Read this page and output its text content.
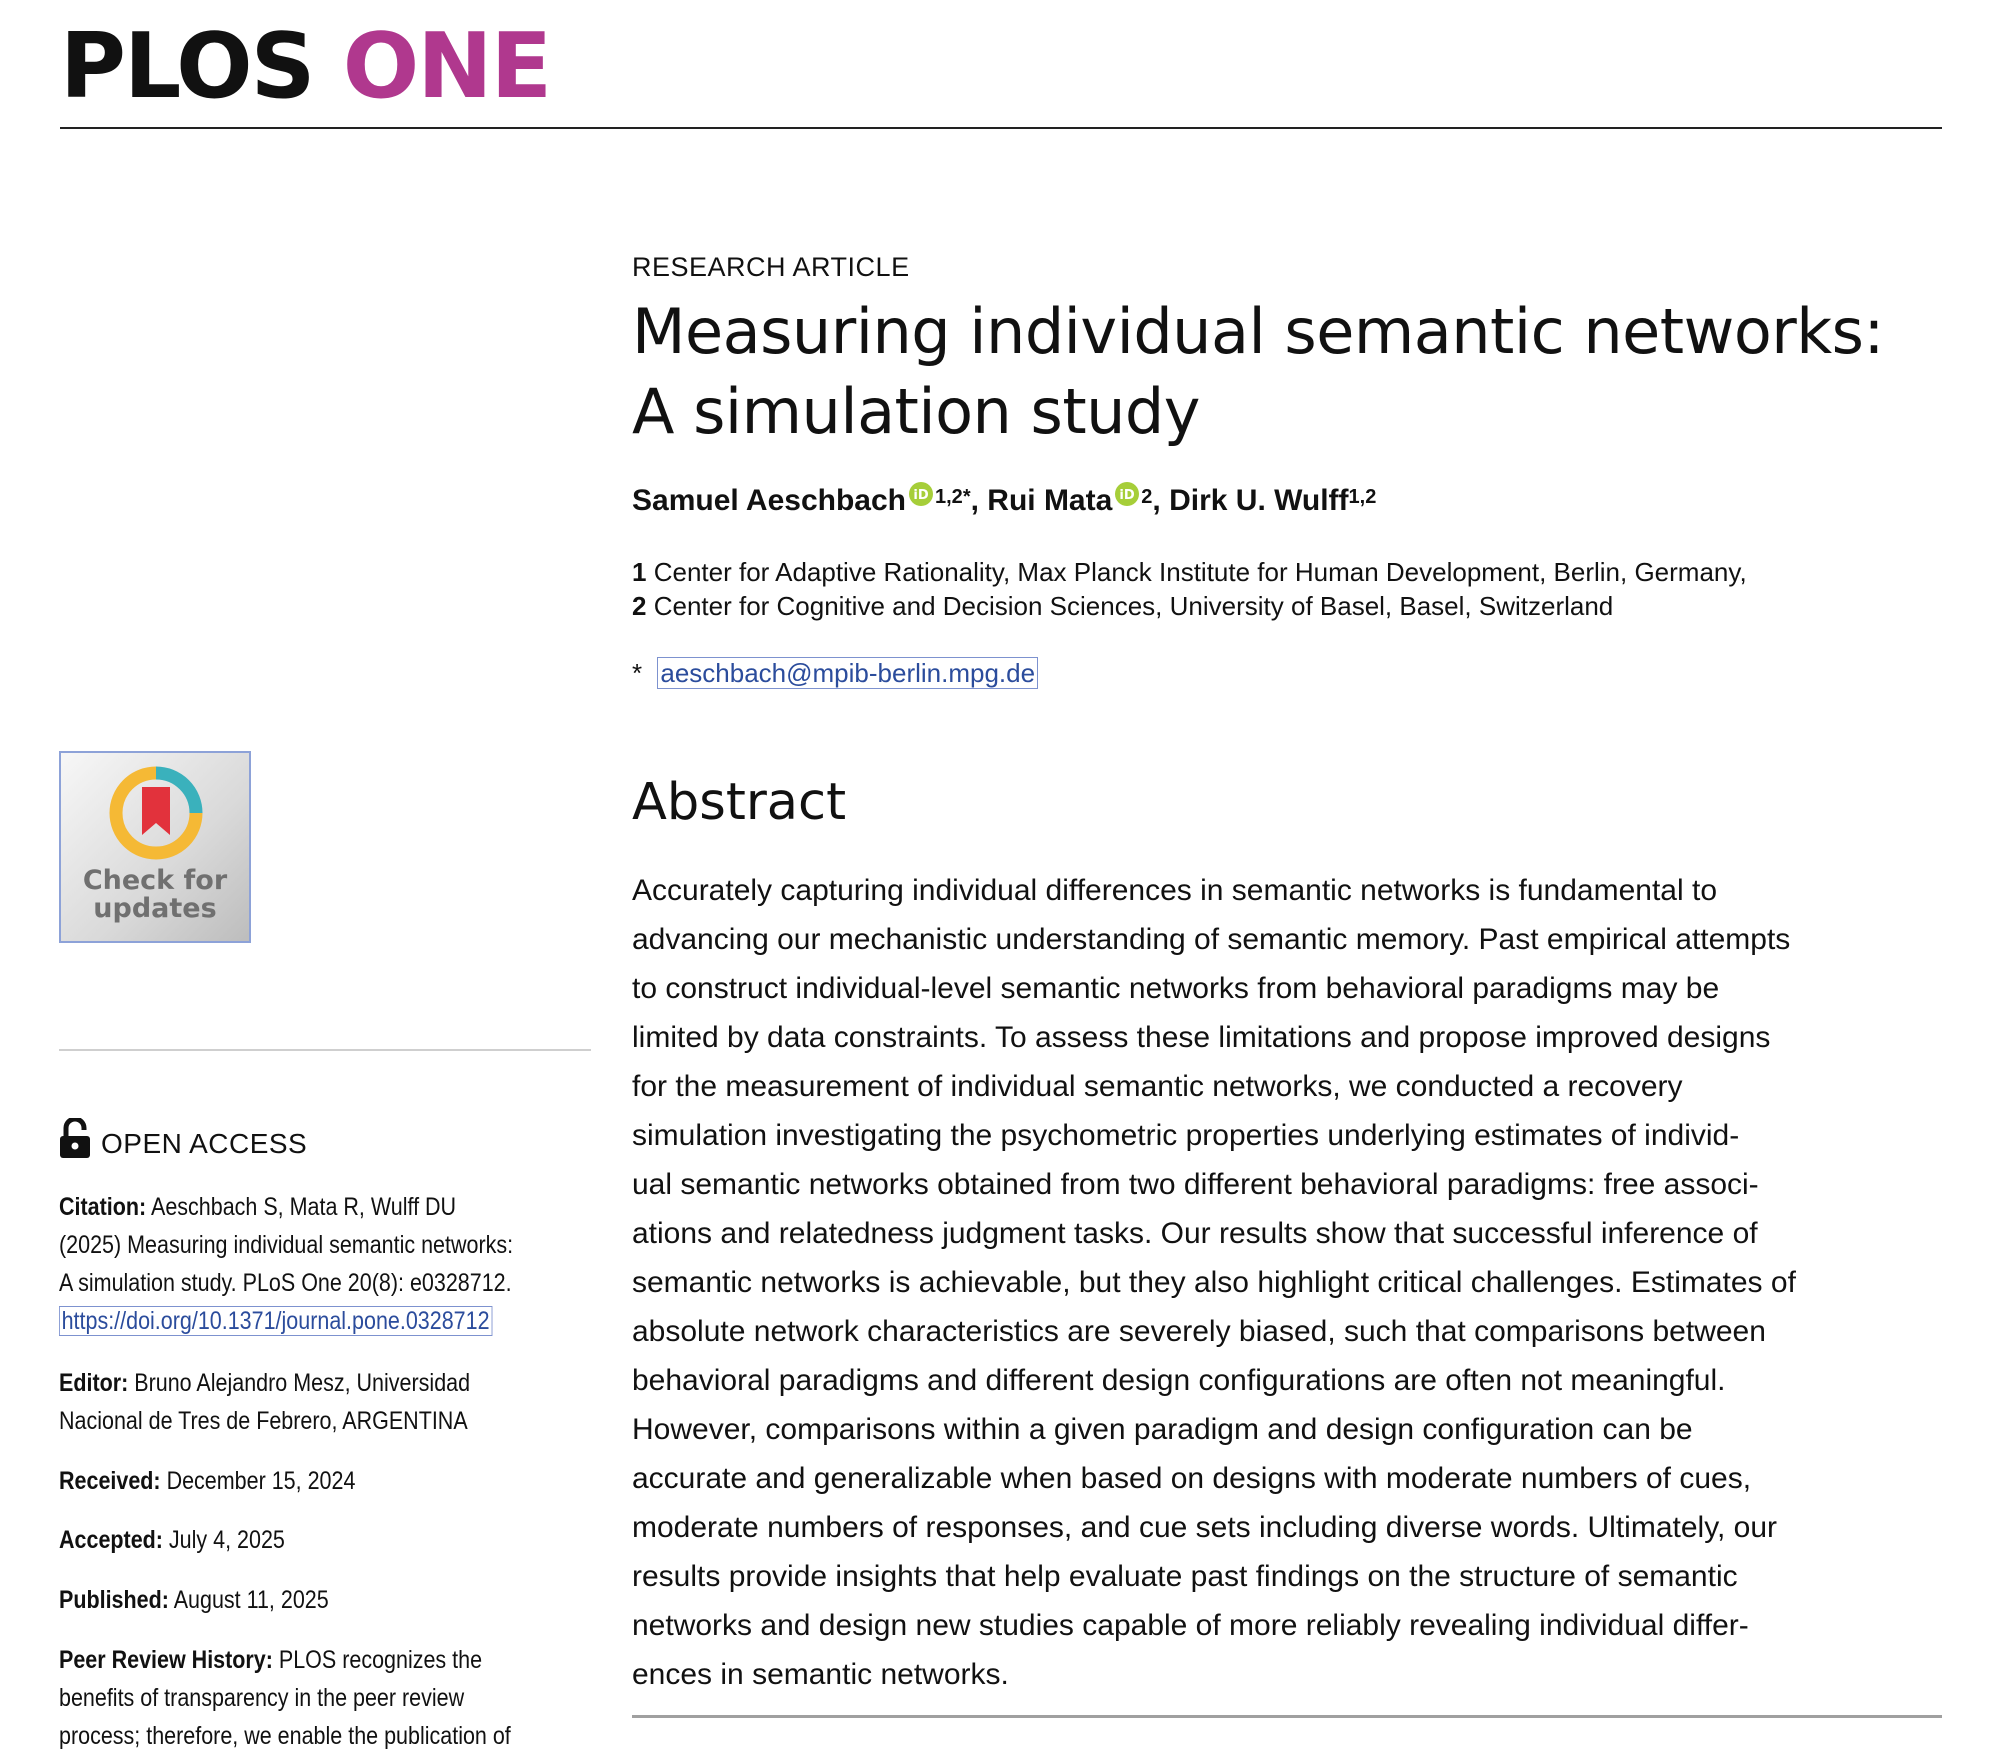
PLOS ONE
RESEARCH ARTICLE
Measuring individual semantic networks:
A simulation study
Samuel Aeschbach iD $^{1,2*}$ , Rui Mata iD $^2$ , Dirk U. Wulff$^{1,2}$
1 Center for Adaptive Rationality, Max Planck Institute for Human Development, Berlin, Germany,
2 Center for Cognitive and Decision Sciences, University of Basel, Basel, Switzerland
* aeschbach@mpib-berlin.mpg.de
Abstract
Accurately capturing individual differences in semantic networks is fundamental to
advancing our mechanistic understanding of semantic memory. Past empirical attempts
to construct individual-level semantic networks from behavioral paradigms may be
limited by data constraints. To assess these limitations and propose improved designs
for the measurement of individual semantic networks, we conducted a recovery
simulation investigating the psychometric properties underlying estimates of individ-
ual semantic networks obtained from two different behavioral paradigms: free associ-
ations and relatedness judgment tasks. Our results show that successful inference of
semantic networks is achievable, but they also highlight critical challenges. Estimates of
absolute network characteristics are severely biased, such that comparisons between
behavioral paradigms and different design configurations are often not meaningful.
However, comparisons within a given paradigm and design configuration can be
accurate and generalizable when based on designs with moderate numbers of cues,
moderate numbers of responses, and cue sets including diverse words. Ultimately, our
results provide insights that help evaluate past findings on the structure of semantic
networks and design new studies capable of more reliably revealing individual differ-
ences in semantic networks.
Check for
updates
OPEN ACCESS
Citation: Aeschbach S, Mata R, Wulff DU
(2025) Measuring individual semantic networks:
A simulation study. PLoS One 20(8): e0328712.
https://doi.org/10.1371/journal.pone.0328712
Editor: Bruno Alejandro Mesz, Universidad
Nacional de Tres de Febrero, ARGENTINA
Received: December 15, 2024
Accepted: July 4, 2025
Published: August 11, 2025
Peer Review History: PLOS recognizes the
benefits of transparency in the peer review
process; therefore, we enable the publication of
